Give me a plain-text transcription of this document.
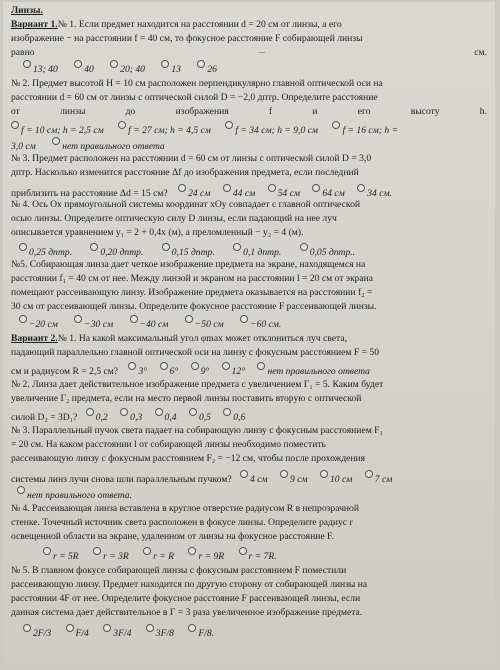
Линзы.
Вариант 1.№ 1. Если предмет находится на расстоянии d = 20 см от линзы, а его
изображение − на расстоянии f = 40 см, то фокусное расстояние F собирающей линзы
равно	...	см.
13; 40	40	20; 40	13	26
№ 2. Предмет высотой H = 10 см расположен перпендикулярно главной оптической оси на
расстоянии d = 60 см от линзы с оптической силой D = −2,0 дптр. Определите расстояние
от	линзы	до	изображения	f	и	его	высоту	h.
f = 10 см; h = 2,5 см	f = 27 см; h = 4,5 см	f = 34 см; h = 9,0 см	f = 16 см; h =
3,0 см	нет правильного ответа
№ 3. Предмет расположен на расстоянии d = 60 см от линзы с оптической силой D = 3,0
дптр. Насколько изменится расстояние Δf до изображения предмета, если последний
приблизить на расстояние Δd = 15 см? 24 см 44 см 54 см 64 см 34 см.
№ 4. Ось Ox прямоугольной системы координат xOy совпадает с главной оптической
осью линзы. Определите оптическую силу D линзы, если падающий на нее луч
описывается уравнением y₁ = 2 + 0,4x (м), а преломленный − y₂ = 4 (м).
0,25 дптр.	0,20 дптр.	0,15 дптр.	0,1 дптр.	0,05 дптр..
№5. Собирающая линза дает четкое изображение предмета на экране, находящемся на
расстоянии f₁ = 40 см от нее. Между линзой и экраном на расстоянии l = 20 см от экрана
помещают рассеивающую линзу. Изображение предмета оказывается на расстоянии f₂ =
30 см от рассеивающей линзы. Определите фокусное расстояние F рассеивающей линзы.
−20 см	−30 см	−40 см	−50 см	−60 см.
Вариант 2.№ 1. На какой максимальный угол φmax может отклониться луч света,
падающий параллельно главной оптической оси на линзу с фокусным расстоянием F = 50
см и радиусом R = 2,5 см? 3° 6° 9° 12° нет правильного ответа
№ 2. Линза дает действительное изображение предмета с увеличением Γ₁ = 5. Каким будет
увеличение Γ₂ предмета, если на место первой линзы поставить вторую с оптической
силой D₂ = 3D₁? 0,2 0,3 0,4 0,5 0,6
№ 3. Параллельный пучок света падает на собирающую линзу с фокусным расстоянием F₁
= 20 см. На каком расстоянии l от собирающей линзы необходимо поместить
рассеивающую линзу с фокусным расстоянием F₂ = −12 см, чтобы после прохождения
системы линз лучи снова шли параллельным пучком? 4 см 9 см 10 см 7 см
нет правильного ответа.
№ 4. Рассеивающая линза вставлена в круглое отверстие радиусом R в непрозрачной
стенке. Точечный источник света расположен в фокусе линзы. Определите радиус r
освещенной области на экране, удаленном от линзы на фокусное расстояние F.
r = 5R	r = 3R	r = R	r = 9R	r = 7R.
№ 5. В главном фокусе собирающей линзы с фокусным расстоянием F поместили
рассеивающую линзу. Предмет находится по другую сторону от собирающей линзы на
расстоянии 4F от нее. Определите фокусное расстояние F рассеивающей линзы, если
данная система дает действительное в Γ = 3 раза увеличенное изображение предмета.
2F/3	F/4	3F/4	3F/8	F/8.
